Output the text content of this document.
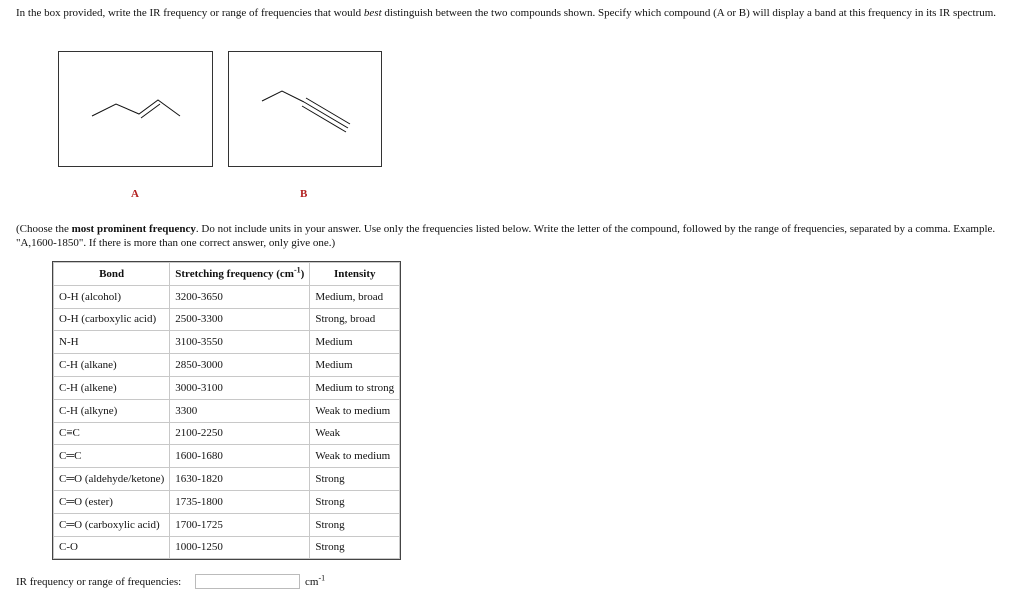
In the box provided, write the IR frequency or range of frequencies that would best distinguish between the two compounds shown. Specify which compound (A or B) will display a band at this frequency in its IR spectrum.
A	B
(Choose the most prominent frequency. Do not include units in your answer. Use only the frequencies listed below. Write the letter of the compound, followed by the range of frequencies, separated by a comma. Example. "A,1600-1850". If there is more than one correct answer, only give one.)
Bond	Stretching frequency $(cm^{-1})$	Intensity
O-H (alcohol)	3200-3650	Medium, broad
O-H (carboxylic acid)	2500-3300	Strong, broad
N-H	3100-3550	Medium
C-H (alkane)	2850-3000	Medium
C-H (alkene)	3000-3100	Medium to strong
C-H (alkyne)	3300	Weak to medium
C≡C	2100-2250	Weak
C═C	1600-1680	Weak to medium
C═O (aldehyde/ketone)	1630-1820	Strong
C═O (ester)	1735-1800	Strong
C═O (carboxylic acid)	1700-1725	Strong
C-O	1000-1250	Strong
IR frequency or range of frequencies:	$cm^{-1}$
